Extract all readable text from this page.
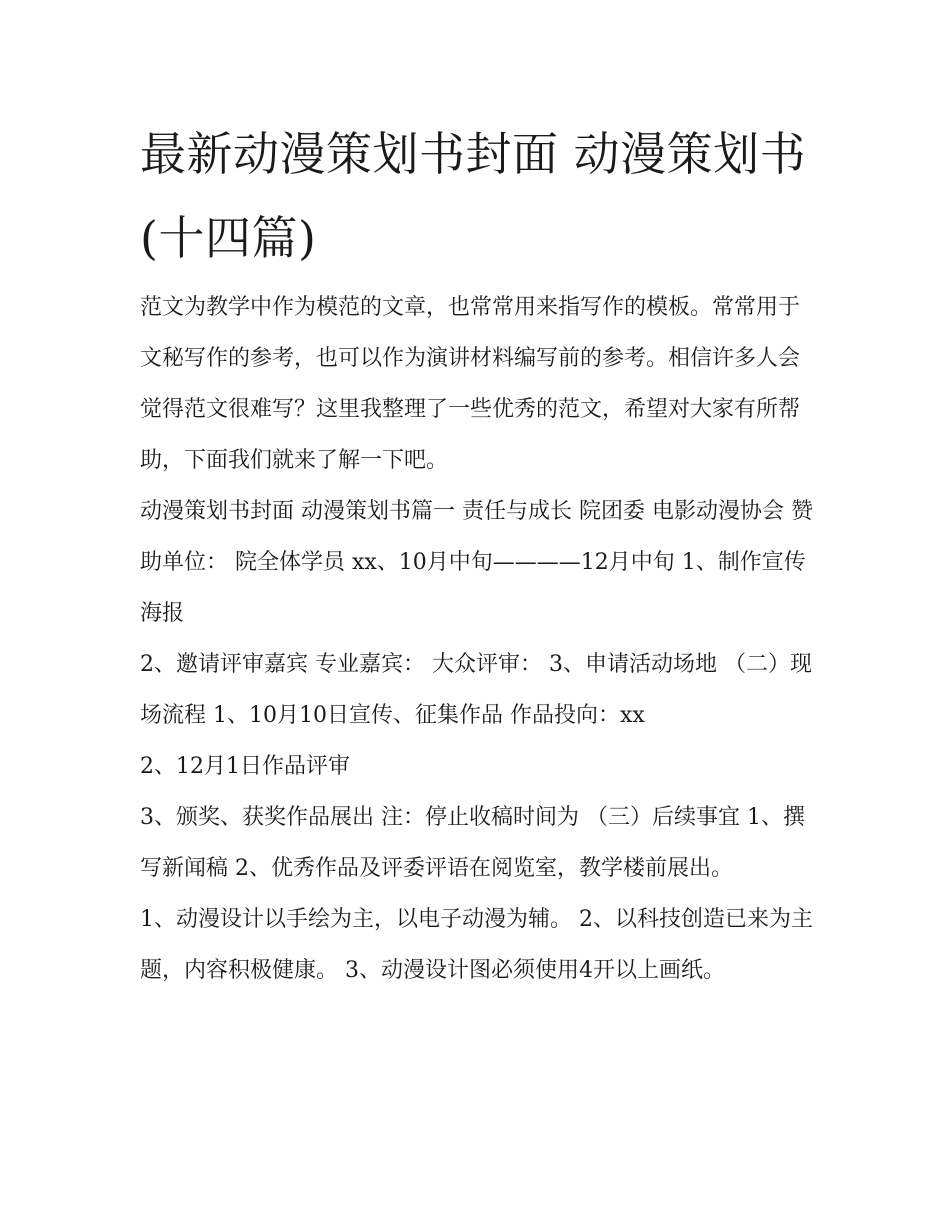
最新动漫策划书封面 动漫策划书(十四篇)

范文为教学中作为模范的文章，也常常用来指写作的模板。常常用于文秘写作的参考，也可以作为演讲材料编写前的参考。相信许多人会觉得范文很难写？这里我整理了一些优秀的范文，希望对大家有所帮助，下面我们就来了解一下吧。

动漫策划书封面 动漫策划书篇一 责任与成长 院团委 电影动漫协会 赞助单位： 院全体学员 xx、10月中旬————12月中旬 1、制作宣传海报

2、邀请评审嘉宾 专业嘉宾： 大众评审： 3、申请活动场地 （二）现场流程 1、10月10日宣传、征集作品 作品投向：xx

2、12月1日作品评审

3、颁奖、获奖作品展出 注：停止收稿时间为 （三）后续事宜 1、撰写新闻稿 2、优秀作品及评委评语在阅览室，教学楼前展出。

1、动漫设计以手绘为主，以电子动漫为辅。 2、以科技创造已来为主题，内容积极健康。 3、动漫设计图必须使用4开以上画纸。
